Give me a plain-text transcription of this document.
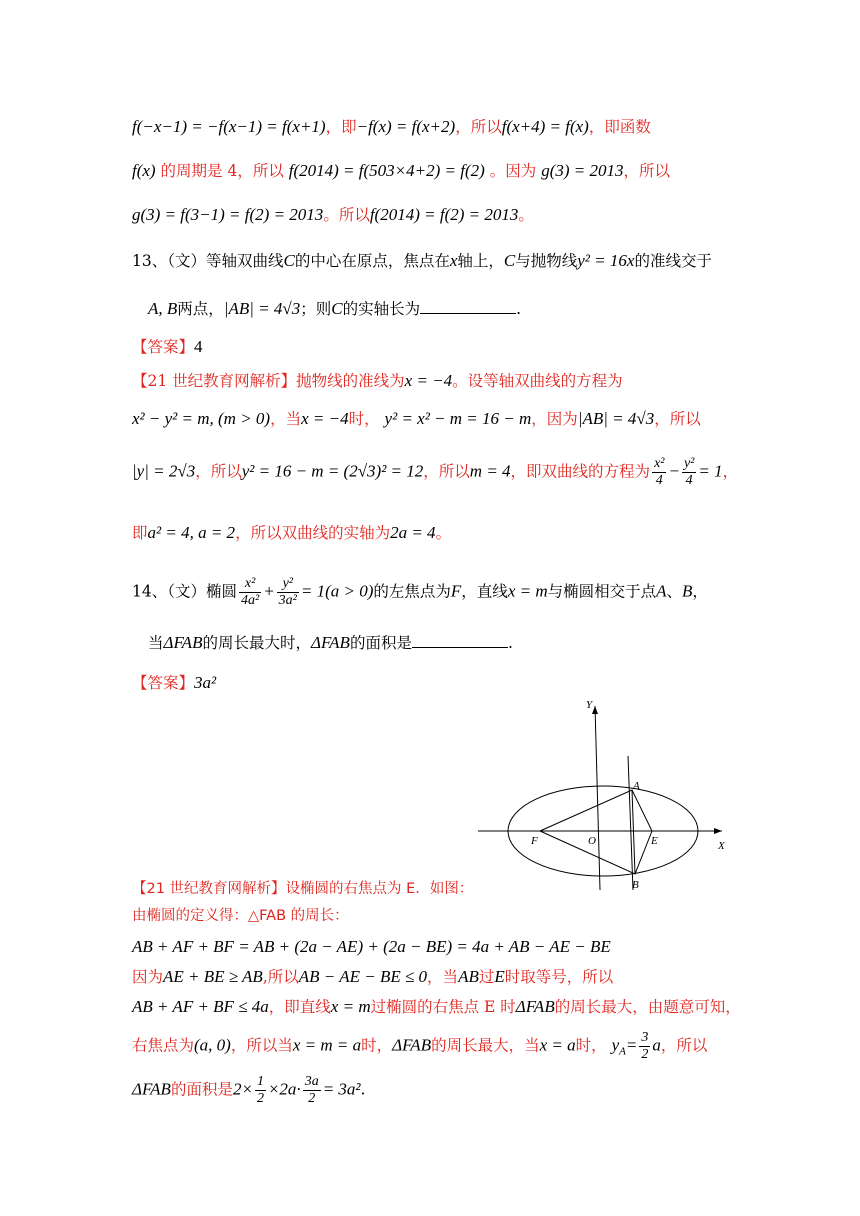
f(−x−1) = −f(x−1) = f(x+1)，即−f(x) = f(x+2)，所以f(x+4) = f(x)，即函数
f(x) 的周期是 4，所以 f(2014) = f(503×4+2) = f(2) 。因为 g(3) = 2013，所以
g(3) = f(3−1) = f(2) = 2013。所以f(2014) = f(2) = 2013。
13、（文）等轴双曲线C的中心在原点，焦点在x轴上，C与抛物线y² = 16x的准线交于
A, B两点，|AB| = 4√3；则C的实轴长为	.
【答案】4
【21 世纪教育网解析】抛物线的准线为x = −4。设等轴双曲线的方程为
x² − y² = m, (m > 0)，当x = −4时， y² = x² − m = 16 − m，因为|AB| = 4√3，所以
|y| = 2√3，所以y² = 16 − m = (2√3)² = 12，所以m = 4，即双曲线的方程为 $\frac{\text{x²}}{4} - \frac{\text{y²}}{4} = 1$，
即a² = 4, a = 2，所以双曲线的实轴为2a = 4。
14、（文）椭圆 $\frac{\text{x²}}{\text{4a²}} + \frac{\text{y²}}{\text{3a²}} = 1(a > 0)$的左焦点为F，直线x = m与椭圆相交于点A、B，
当ΔFAB的周长最大时，ΔFAB的面积是	.
【答案】3a²
Y
X
A
B
F	O	E
【21 世纪教育网解析】设椭圆的右焦点为 E．如图：
由椭圆的定义得：△FAB 的周长：
AB + AF + BF = AB + (2a − AE) + (2a − BE) = 4a + AB − AE − BE
因为AE + BE ≥ AB,所以AB − AE − BE ≤ 0，当AB过E时取等号，所以
AB + AF + BF ≤ 4a，即直线x = m过椭圆的右焦点 E 时ΔFAB的周长最大，由题意可知，
右焦点为(a, 0)，所以当x = m = a时，ΔFAB的周长最大，当x = a时， $y_A= \frac{3}{2}$ a，所以
ΔFAB的面积是$2\times \frac{1}{2} \times 2a\cdot \frac{3a}{2} = 3a^2$.
